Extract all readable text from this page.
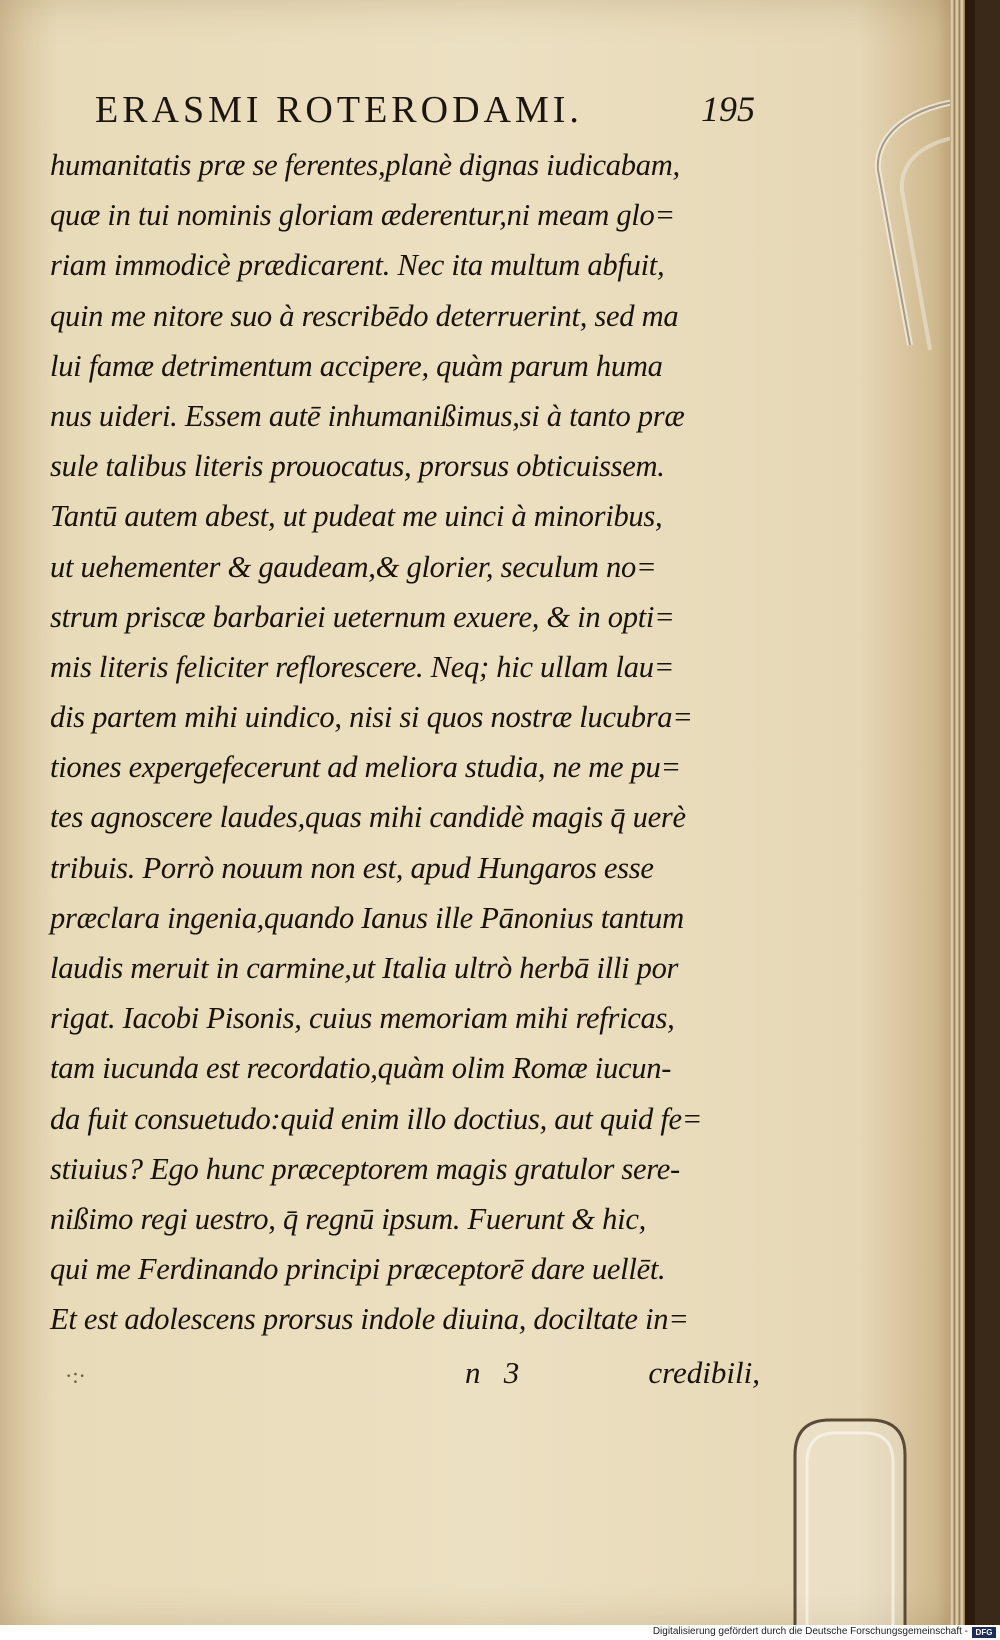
ERASMI ROTERODAMI.	195
humanitatis præ se ferentes,planè dignas iudicabam,
quæ in tui nominis gloriam æderentur,ni meam glo=
riam immodicè prædicarent. Nec ita multum abfuit,
quin me nitore suo à rescribēdo deterruerint, sed ma
lui famæ detrimentum accipere, quàm parum huma
nus uideri. Essem autē inhumanißimus,si à tanto præ
sule talibus literis prouocatus, prorsus obticuissem.
Tantū autem abest, ut pudeat me uinci à minoribus,
ut uehementer & gaudeam,& glorier, seculum no=
strum priscæ barbariei ueternum exuere, & in opti=
mis literis feliciter reflorescere. Neq; hic ullam lau=
dis partem mihi uindico, nisi si quos nostræ lucubra=
tiones expergefecerunt ad meliora studia, ne me pu=
tes agnoscere laudes,quas mihi candidè magis q̄ uerè
tribuis. Porrò nouum non est, apud Hungaros esse
præclara ingenia,quando Ianus ille Pānonius tantum
laudis meruit in carmine,ut Italia ultrò herbā illi por
rigat. Iacobi Pisonis, cuius memoriam mihi refricas,
tam iucunda est recordatio,quàm olim Romæ iucun-
da fuit consuetudo:quid enim illo doctius, aut quid fe=
stiuius? Ego hunc præceptorem magis gratulor sere-
nißimo regi uestro, q̄ regnū ipsum. Fuerunt & hic,
qui me Ferdinando principi præceptorē dare uellēt.
Et est adolescens prorsus indole diuina, dociltate in=
·:·	n   3	credibili,
Digitalisierung gefördert durch die Deutsche Forschungsgemeinschaft - DFG
